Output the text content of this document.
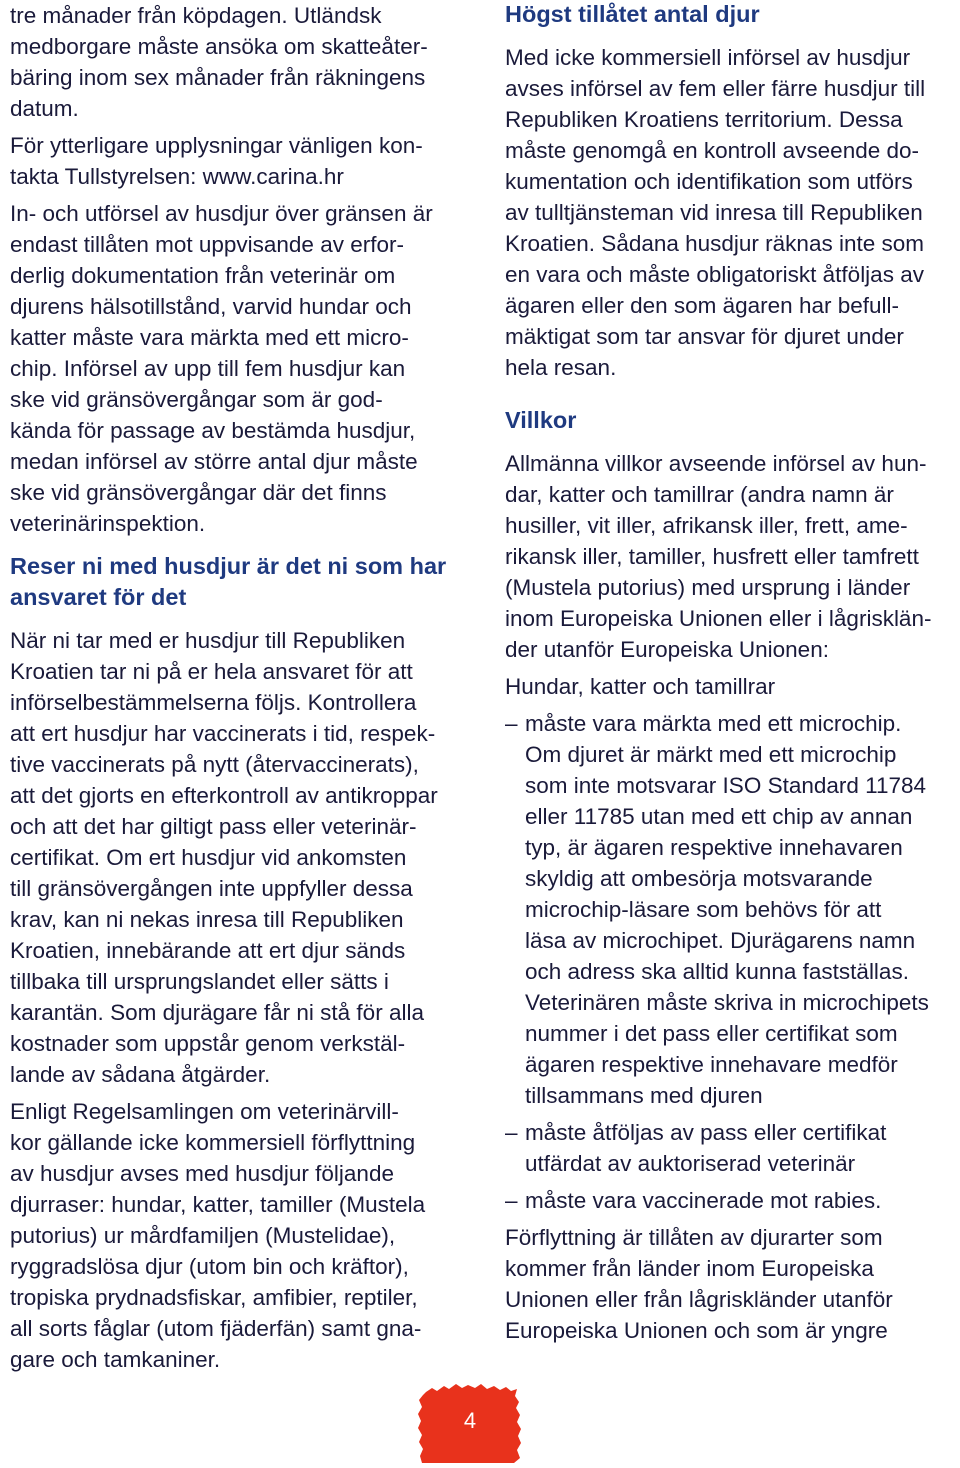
tre månader från köpdagen. Utländsk
medborgare måste ansöka om skatteåter-
bäring inom sex månader från räkningens
datum.

För ytterligare upplysningar vänligen kon-
takta Tullstyrelsen: www.carina.hr

In- och utförsel av husdjur över gränsen är
endast tillåten mot uppvisande av erfor-
derlig dokumentation från veterinär om
djurens hälsotillstånd, varvid hundar och
katter måste vara märkta med ett micro-
chip. Införsel av upp till fem husdjur kan
ske vid gränsövergångar som är god-
kända för passage av bestämda husdjur,
medan införsel av större antal djur måste
ske vid gränsövergångar där det finns
veterinärinspektion.

Reser ni med husdjur är det ni som har
ansvaret för det

När ni tar med er husdjur till Republiken
Kroatien tar ni på er hela ansvaret för att
införselbestämmelserna följs. Kontrollera
att ert husdjur har vaccinerats i tid, respek-
tive vaccinerats på nytt (återvaccinerats),
att det gjorts en efterkontroll av antikroppar
och att det har giltigt pass eller veterinär-
certifikat. Om ert husdjur vid ankomsten
till gränsövergången inte uppfyller dessa
krav, kan ni nekas inresa till Republiken
Kroatien, innebärande att ert djur sänds
tillbaka till ursprungslandet eller sätts i
karantän. Som djurägare får ni stå för alla
kostnader som uppstår genom verkstäl-
lande av sådana åtgärder.

Enligt Regelsamlingen om veterinärvill-
kor gällande icke kommersiell förflyttning
av husdjur avses med husdjur följande
djurraser: hundar, katter, tamiller (Mustela
putorius) ur mårdfamiljen (Mustelidae),
ryggradslösa djur (utom bin och kräftor),
tropiska prydnadsfiskar, amfibier, reptiler,
all sorts fåglar (utom fjäderfän) samt gna-
gare och tamkaniner.

Högst tillåtet antal djur

Med icke kommersiell införsel av husdjur
avses införsel av fem eller färre husdjur till
Republiken Kroatiens territorium. Dessa
måste genomgå en kontroll avseende do-
kumentation och identifikation som utförs
av tulltjänsteman vid inresa till Republiken
Kroatien. Sådana husdjur räknas inte som
en vara och måste obligatoriskt åtföljas av
ägaren eller den som ägaren har befull-
mäktigat som tar ansvar för djuret under
hela resan.

Villkor

Allmänna villkor avseende införsel av hun-
dar, katter och tamillrar (andra namn är
husiller, vit iller, afrikansk iller, frett, ame-
rikansk iller, tamiller, husfrett eller tamfrett
(Mustela putorius) med ursprung i länder
inom Europeiska Unionen eller i lågrisklän-
der utanför Europeiska Unionen:

Hundar, katter och tamillrar

– måste vara märkta med ett microchip.
Om djuret är märkt med ett microchip
som inte motsvarar ISO Standard 11784
eller 11785 utan med ett chip av annan
typ, är ägaren respektive innehavaren
skyldig att ombesörja motsvarande
microchip-läsare som behövs för att
läsa av microchipet. Djurägarens namn
och adress ska alltid kunna fastställas.
Veterinären måste skriva in microchipets
nummer i det pass eller certifikat som
ägaren respektive innehavare medför
tillsammans med djuren
– måste åtföljas av pass eller certifikat
utfärdat av auktoriserad veterinär
– måste vara vaccinerade mot rabies.

Förflyttning är tillåten av djurarter som
kommer från länder inom Europeiska
Unionen eller från lågriskländer utanför
Europeiska Unionen och som är yngre

4
